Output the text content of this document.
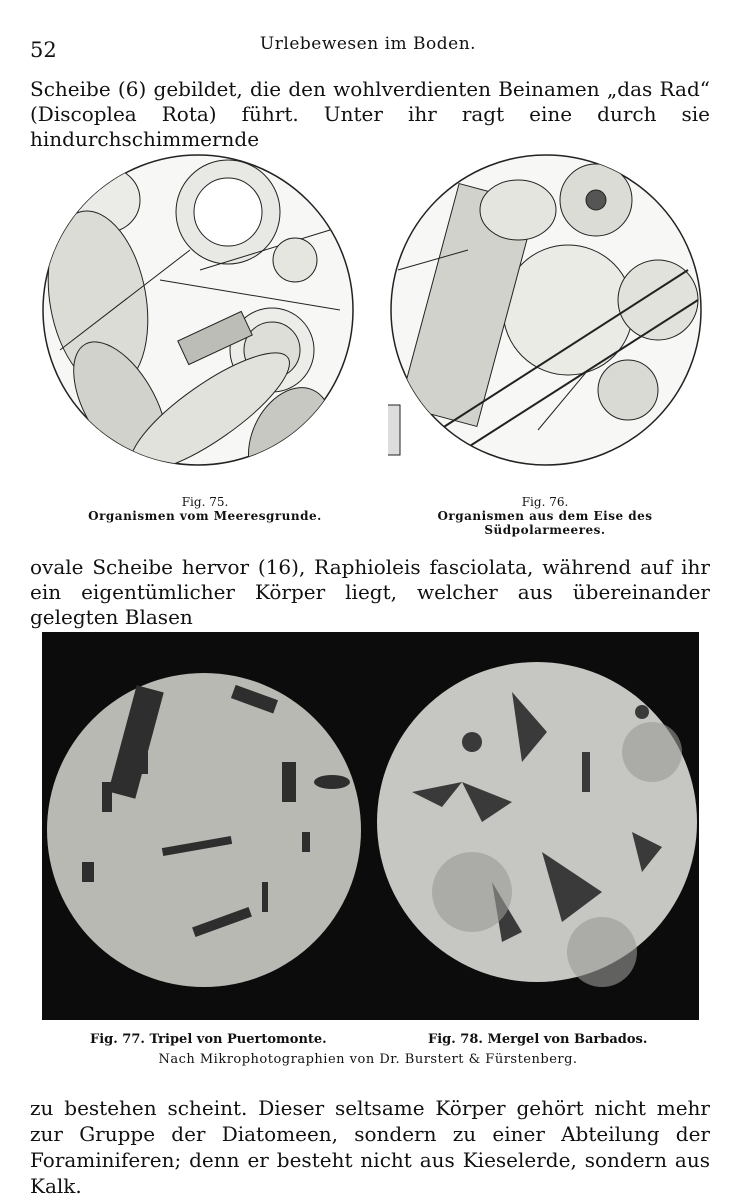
52	Urlebewesen im Boden.
Scheibe (6) gebildet, die den wohlverdienten Beinamen „das Rad“ (Discoplea Rota) führt. Unter ihr ragt eine durch sie hindurchschimmernde
Fig. 75.
Organismen vom Meeresgrunde.
Fig. 76.
Organismen aus dem Eise des Südpolarmeeres.
ovale Scheibe hervor (16), Raphioleis fasciolata, während auf ihr ein eigentümlicher Körper liegt, welcher aus übereinander gelegten Blasen
Fig. 77. Tripel von Puertomonte.	Fig. 78. Mergel von Barbados.
Nach Mikrophotographien von Dr. Burstert & Fürstenberg.
zu bestehen scheint. Dieser seltsame Körper gehört nicht mehr zur Gruppe der Diatomeen, sondern zu einer Abteilung der Foraminiferen; denn er besteht nicht aus Kieselerde, sondern aus Kalk.
